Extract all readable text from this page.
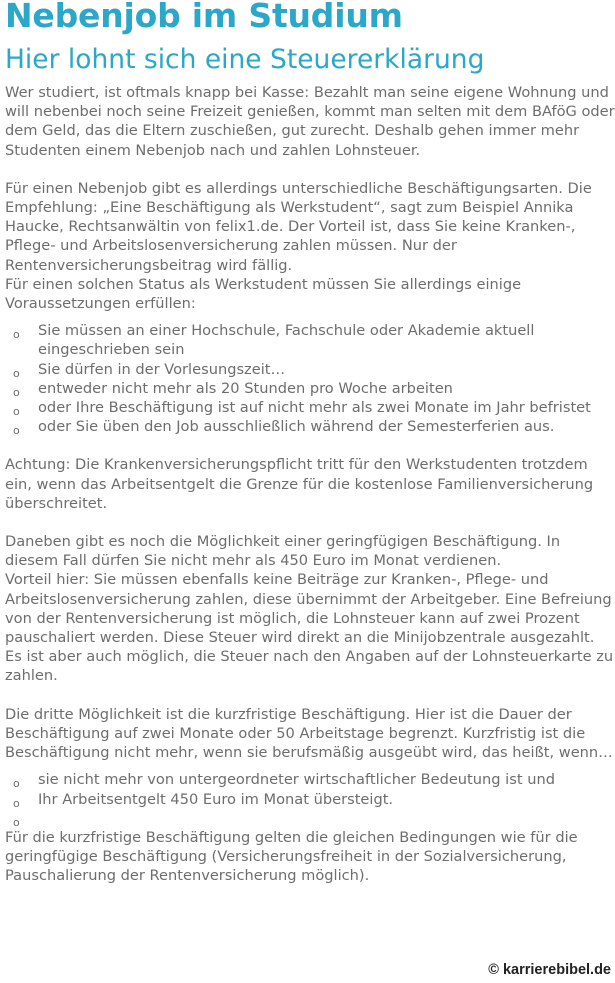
Nebenjob im Studium
Hier lohnt sich eine Steuererklärung

Wer studiert, ist oftmals knapp bei Kasse: Bezahlt man seine eigene Wohnung und will nebenbei noch seine Freizeit genießen, kommt man selten mit dem BAföG oder dem Geld, das die Eltern zuschießen, gut zurecht. Deshalb gehen immer mehr Studenten einem Nebenjob nach und zahlen Lohnsteuer.

Für einen Nebenjob gibt es allerdings unterschiedliche Beschäftigungsarten. Die Empfehlung: „Eine Beschäftigung als Werkstudent“, sagt zum Beispiel Annika Haucke, Rechtsanwältin von felix1.de. Der Vorteil ist, dass Sie keine Kranken-, Pflege- und Arbeitslosenversicherung zahlen müssen. Nur der Rentenversicherungsbeitrag wird fällig.

Für einen solchen Status als Werkstudent müssen Sie allerdings einige Voraussetzungen erfüllen:

o Sie müssen an einer Hochschule, Fachschule oder Akademie aktuell eingeschrieben sein
o Sie dürfen in der Vorlesungszeit…
o entweder nicht mehr als 20 Stunden pro Woche arbeiten
o oder Ihre Beschäftigung ist auf nicht mehr als zwei Monate im Jahr befristet
o oder Sie üben den Job ausschließlich während der Semesterferien aus.

Achtung: Die Krankenversicherungspflicht tritt für den Werkstudenten trotzdem ein, wenn das Arbeitsentgelt die Grenze für die kostenlose Familienversicherung überschreitet.

Daneben gibt es noch die Möglichkeit einer geringfügigen Beschäftigung. In diesem Fall dürfen Sie nicht mehr als 450 Euro im Monat verdienen.

Vorteil hier: Sie müssen ebenfalls keine Beiträge zur Kranken-, Pflege- und Arbeitslosenversicherung zahlen, diese übernimmt der Arbeitgeber. Eine Befreiung von der Rentenversicherung ist möglich, die Lohnsteuer kann auf zwei Prozent pauschaliert werden. Diese Steuer wird direkt an die Minijobzentrale ausgezahlt. Es ist aber auch möglich, die Steuer nach den Angaben auf der Lohnsteuerkarte zu zahlen.

Die dritte Möglichkeit ist die kurzfristige Beschäftigung. Hier ist die Dauer der Beschäftigung auf zwei Monate oder 50 Arbeitstage begrenzt. Kurzfristig ist die Beschäftigung nicht mehr, wenn sie berufsmäßig ausgeübt wird, das heißt, wenn…

o sie nicht mehr von untergeordneter wirtschaftlicher Bedeutung ist und
o Ihr Arbeitsentgelt 450 Euro im Monat übersteigt.
o

Für die kurzfristige Beschäftigung gelten die gleichen Bedingungen wie für die geringfügige Beschäftigung (Versicherungsfreiheit in der Sozialversicherung, Pauschalierung der Rentenversicherung möglich).

© karrierebibel.de
